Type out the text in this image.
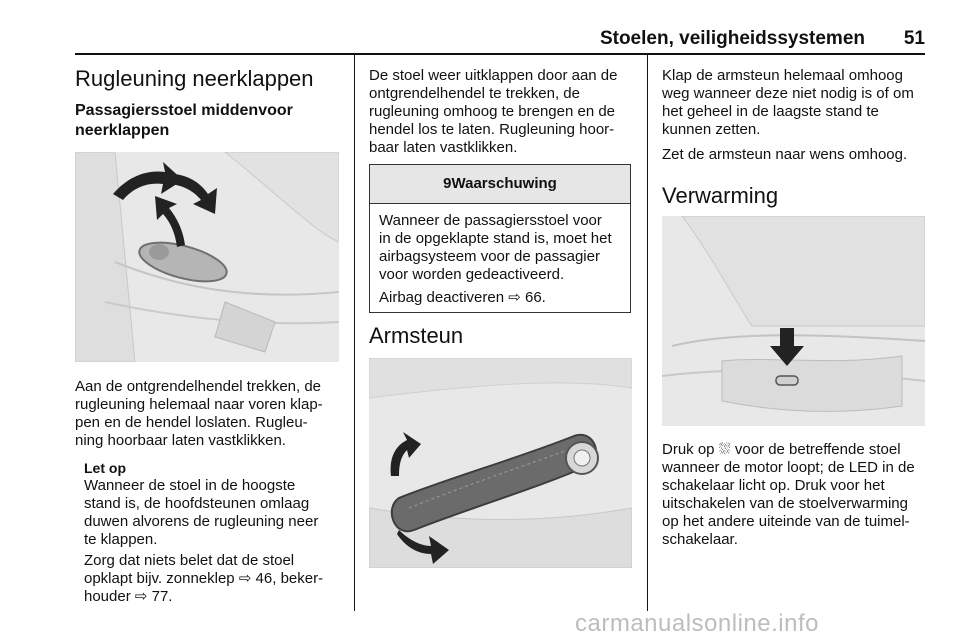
Stoelen, veiligheidssystemen 51
Rugleuning neerklappen
Passagiersstoel middenvoor
neerklappen
Aan de ontgrendelhendel trekken, de
rugleuning helemaal naar voren klap‐
pen en de hendel loslaten. Rugleu‐
ning hoorbaar laten vastklikken.
Let op
Wanneer de stoel in de hoogste
stand is, de hoofdsteunen omlaag
duwen alvorens de rugleuning neer
te klappen.
Zorg dat niets belet dat de stoel
opklapt bijv. zonneklep ⇨ 46, beker‐
houder ⇨ 77.
De stoel weer uitklappen door aan de
ontgrendelhendel te trekken, de
rugleuning omhoog te brengen en de
hendel los te laten. Rugleuning hoor‐
baar laten vastklikken.
9Waarschuwing
Wanneer de passagiersstoel voor
in de opgeklapte stand is, moet het
airbagsysteem voor de passagier
voor worden gedeactiveerd.
Airbag deactiveren ⇨ 66.
Armsteun
Klap de armsteun helemaal omhoog
weg wanneer deze niet nodig is of om
het geheel in de laagste stand te
kunnen zetten.
Zet de armsteun naar wens omhoog.
Verwarming
Druk op ⛆ voor de betreffende stoel
wanneer de motor loopt; de LED in de
schakelaar licht op. Druk voor het
uitschakelen van de stoelverwarming
op het andere uiteinde van de tuimel‐
schakelaar.
carmanualsonline.info
